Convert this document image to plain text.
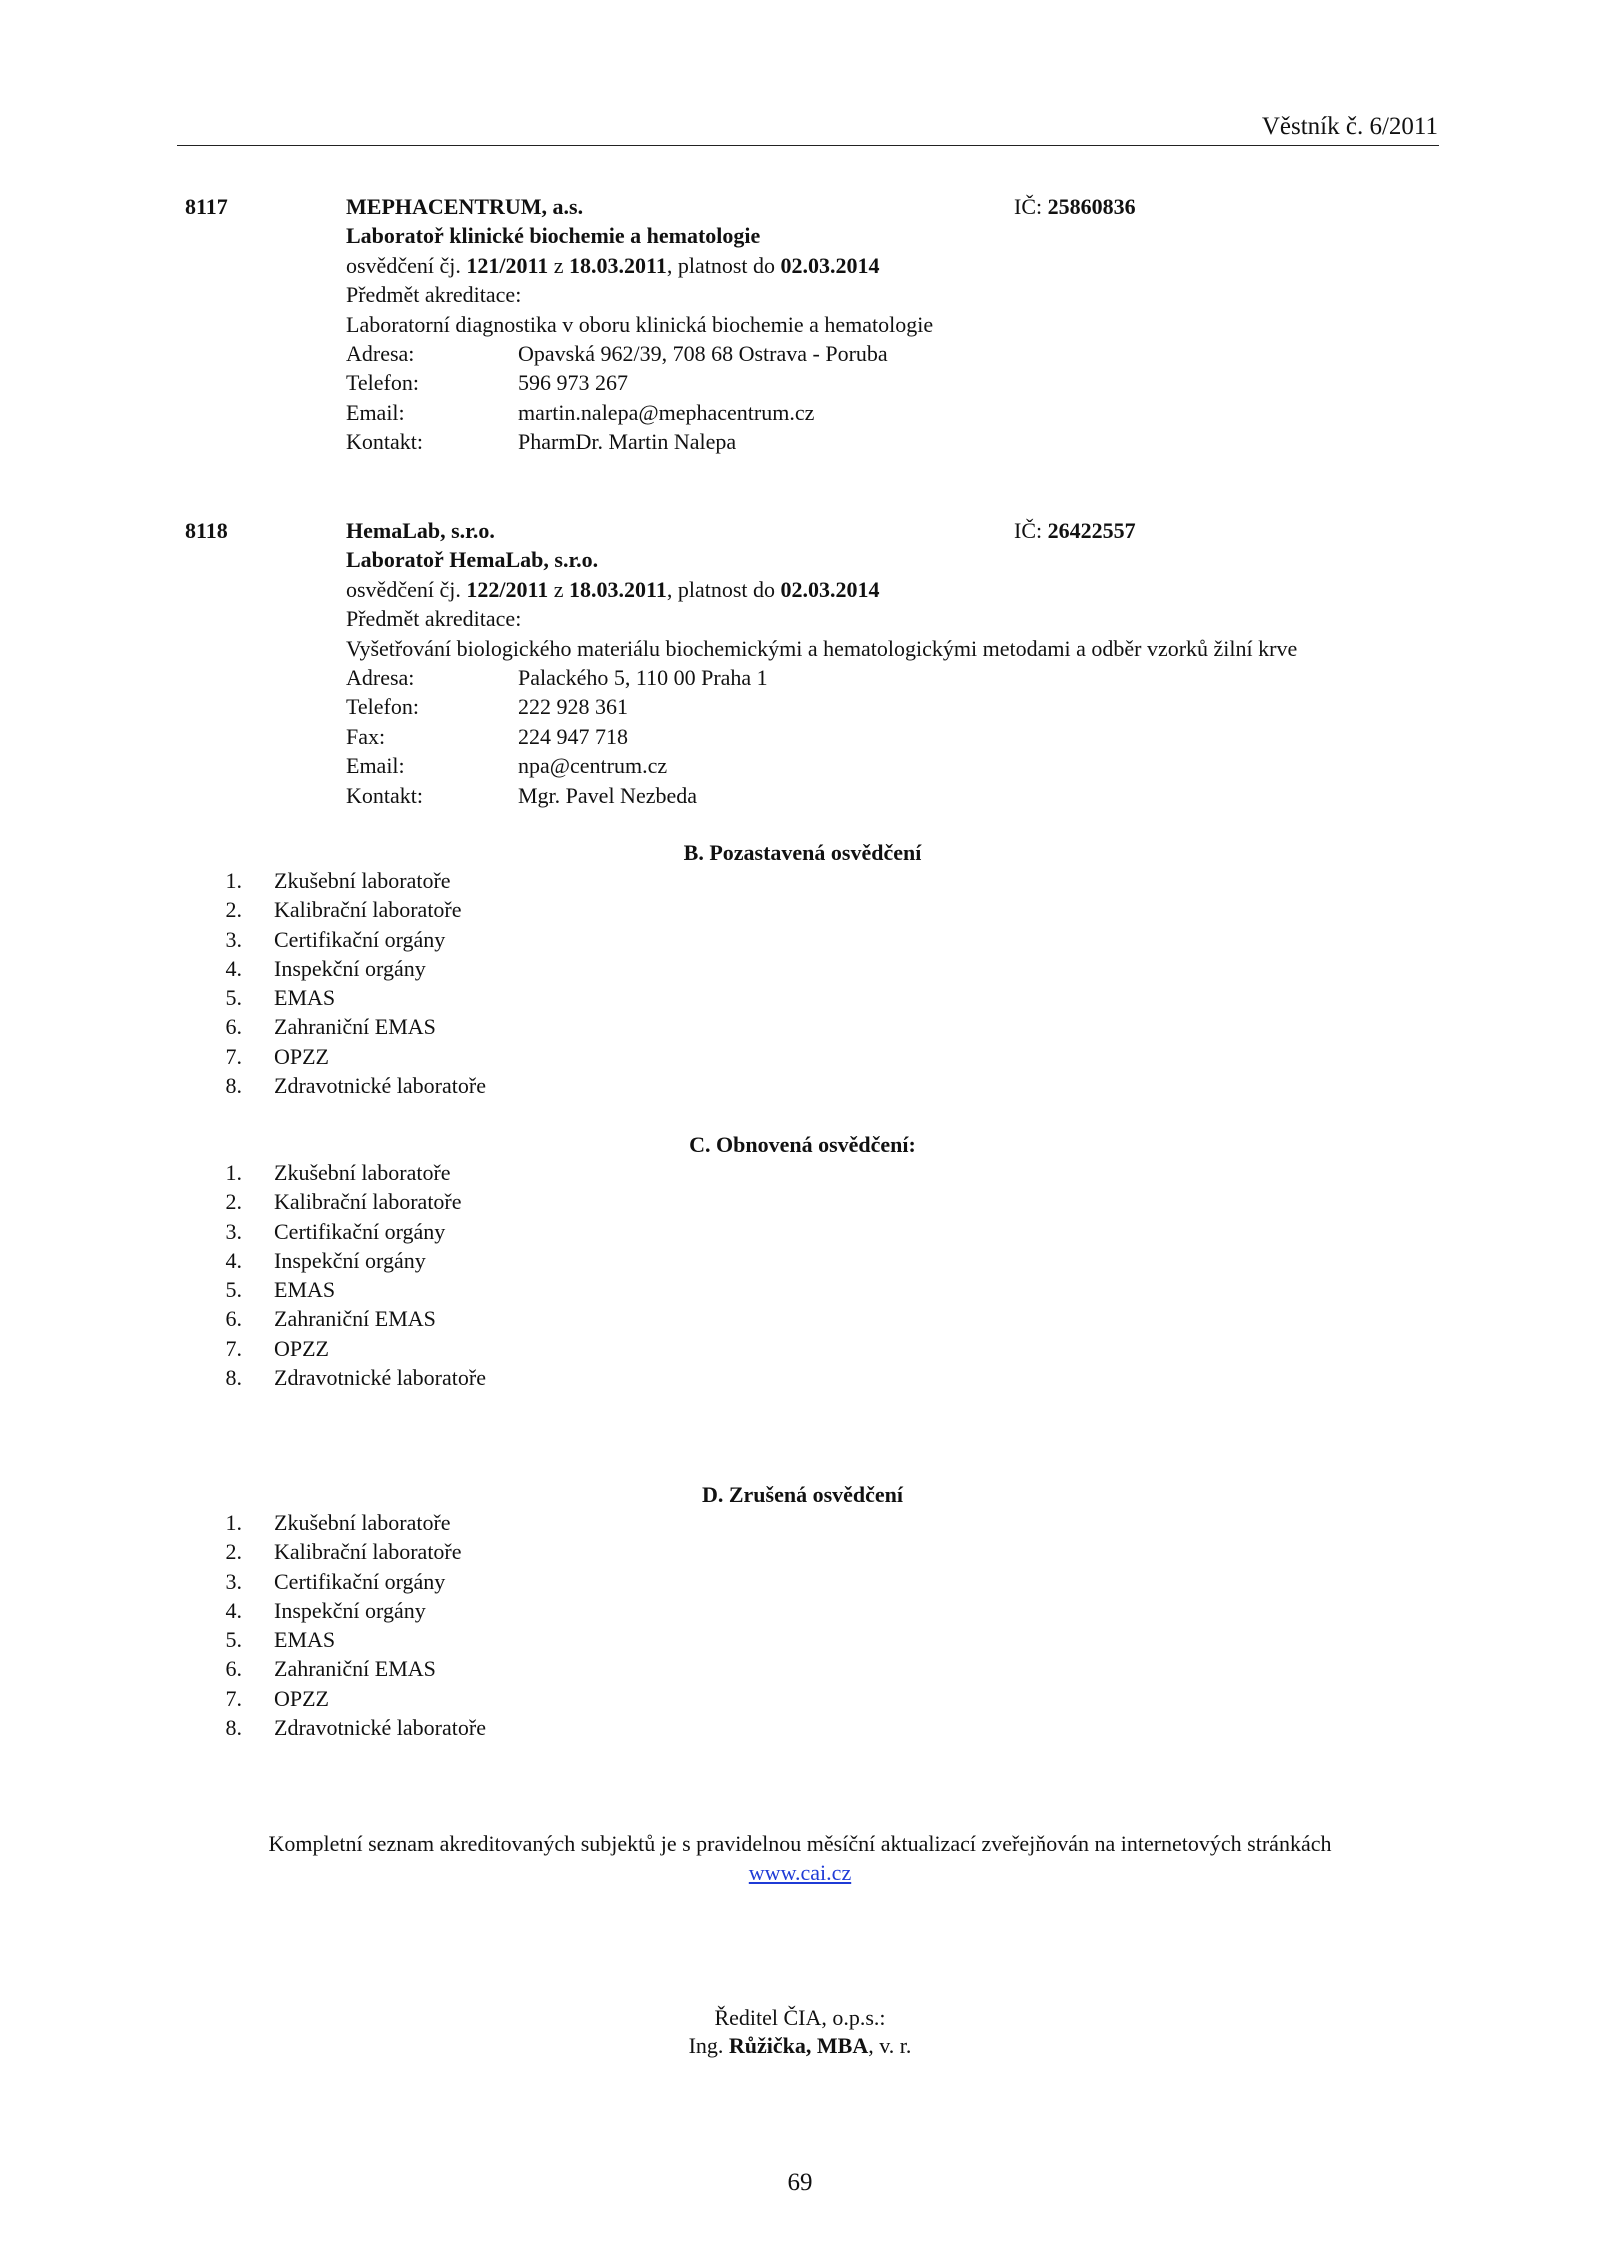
Věstník č. 6/2011
8117	IČ: 25860836
MEPHACENTRUM, a.s.
Laboratoř klinické biochemie a hematologie
osvědčení čj. 121/2011 z 18.03.2011, platnost do 02.03.2014
Předmět akreditace:
Laboratorní diagnostika v oboru klinická biochemie a hematologie
Adresa:	Opavská 962/39, 708 68 Ostrava - Poruba
Telefon:	596 973 267
Email:	martin.nalepa@mephacentrum.cz
Kontakt:	PharmDr. Martin Nalepa
8118	IČ: 26422557
HemaLab, s.r.o.
Laboratoř HemaLab, s.r.o.
osvědčení čj. 122/2011 z 18.03.2011, platnost do 02.03.2014
Předmět akreditace:
Vyšetřování biologického materiálu biochemickými a hematologickými metodami a odběr vzorků žilní krve
Adresa:	Palackého 5, 110 00 Praha 1
Telefon:	222 928 361
Fax:	224 947 718
Email:	npa@centrum.cz
Kontakt:	Mgr. Pavel Nezbeda
B. Pozastavená osvědčení
1. Zkušební laboratoře
2. Kalibrační laboratoře
3. Certifikační orgány
4. Inspekční orgány
5. EMAS
6. Zahraniční EMAS
7. OPZZ
8. Zdravotnické laboratoře
C. Obnovená osvědčení:
1. Zkušební laboratoře
2. Kalibrační laboratoře
3. Certifikační orgány
4. Inspekční orgány
5. EMAS
6. Zahraniční EMAS
7. OPZZ
8. Zdravotnické laboratoře
D. Zrušená osvědčení
1. Zkušební laboratoře
2. Kalibrační laboratoře
3. Certifikační orgány
4. Inspekční orgány
5. EMAS
6. Zahraniční EMAS
7. OPZZ
8. Zdravotnické laboratoře
Kompletní seznam akreditovaných subjektů je s pravidelnou měsíční aktualizací zveřejňován na internetových stránkách
www.cai.cz
Ředitel ČIA, o.p.s.:
Ing. Růžička, MBA, v. r.
69
